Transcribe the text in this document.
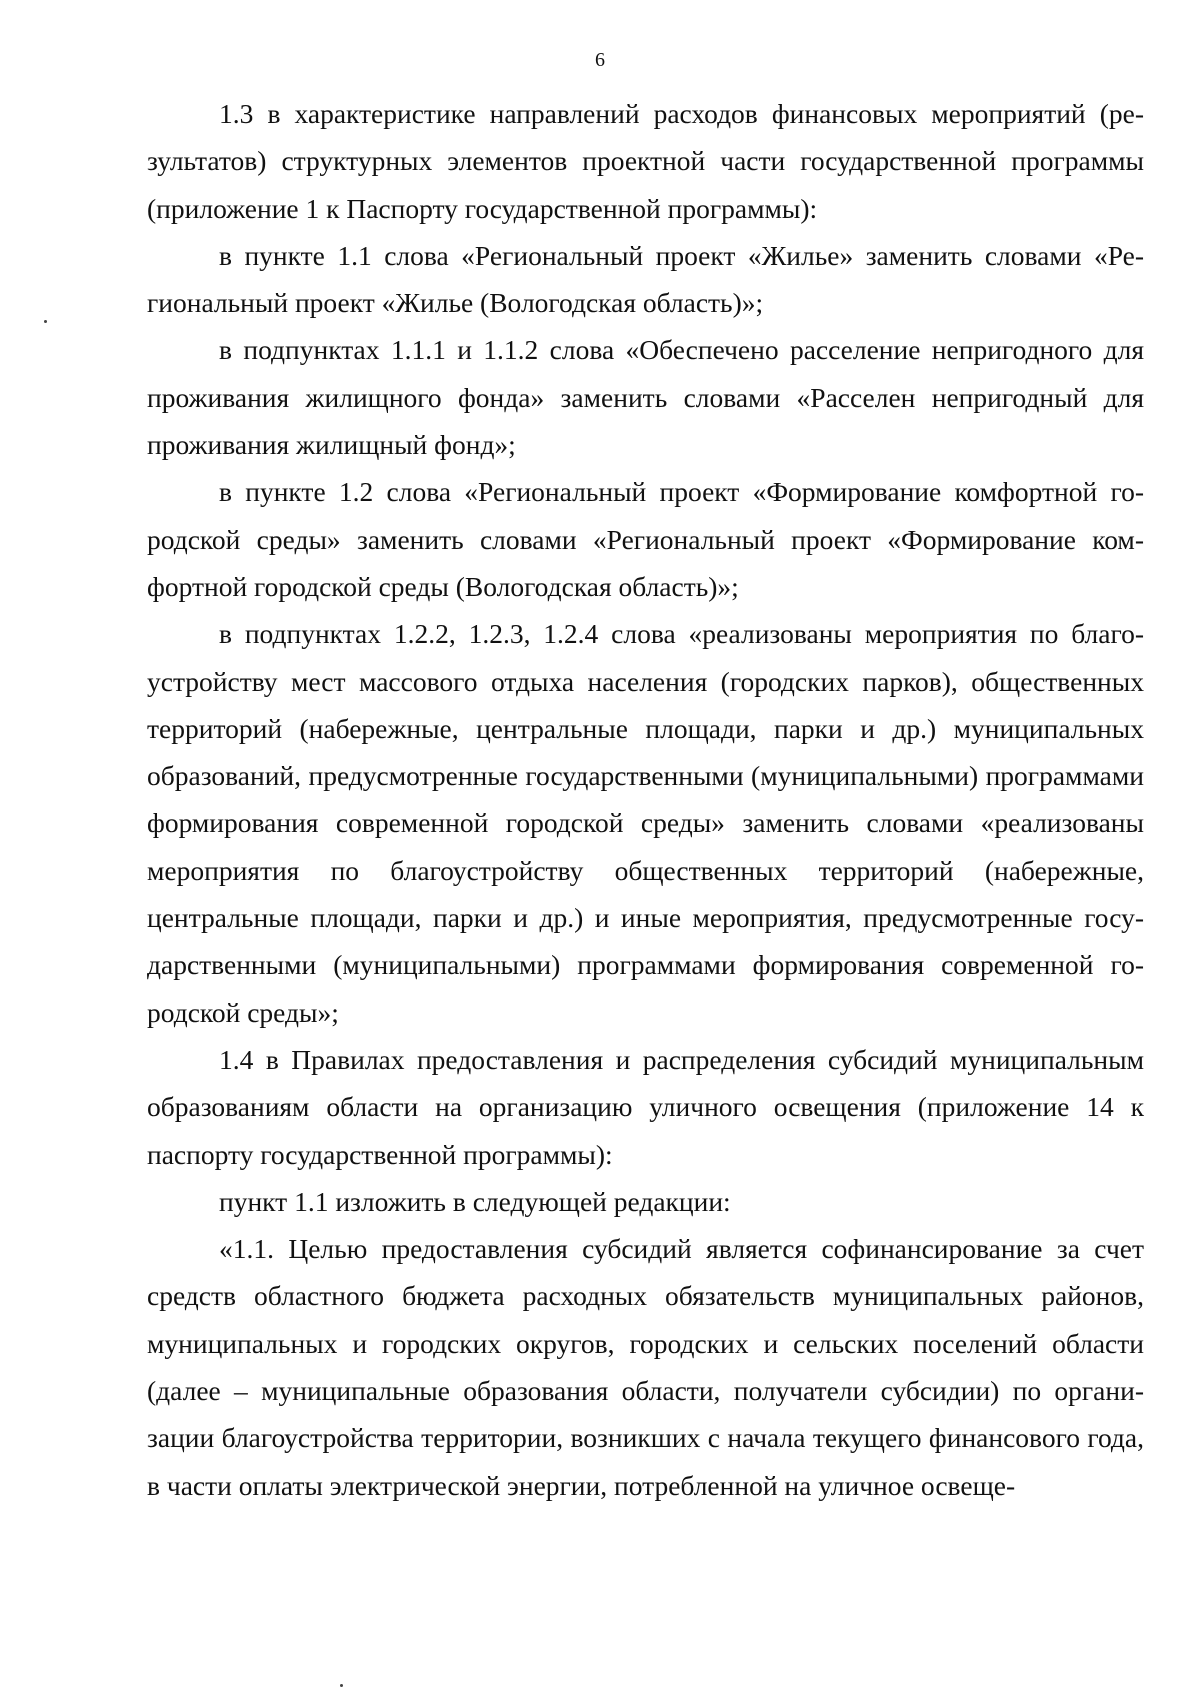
6

1.3 в характеристике направлений расходов финансовых мероприятий (результатов) структурных элементов проектной части государственной программы (приложение 1 к Паспорту государственной программы):

в пункте 1.1 слова «Региональный проект «Жилье» заменить словами «Региональный проект «Жилье (Вологодская область)»;

в подпунктах 1.1.1 и 1.1.2 слова «Обеспечено расселение непригодного для проживания жилищного фонда» заменить словами «Расселен непригодный для проживания жилищный фонд»;

в пункте 1.2 слова «Региональный проект «Формирование комфортной городской среды» заменить словами «Региональный проект «Формирование комфортной городской среды (Вологодская область)»;

в подпунктах 1.2.2, 1.2.3, 1.2.4 слова «реализованы мероприятия по благоустройству мест массового отдыха населения (городских парков), общественных территорий (набережные, центральные площади, парки и др.) муниципальных образований, предусмотренные государственными (муниципальными) программами формирования современной городской среды» заменить словами «реализованы мероприятия по благоустройству общественных территорий (набережные, центральные площади, парки и др.) и иные мероприятия, предусмотренные государственными (муниципальными) программами формирования современной городской среды»;

1.4 в Правилах предоставления и распределения субсидий муниципальным образованиям области на организацию уличного освещения (приложение 14 к паспорту государственной программы):

пункт 1.1 изложить в следующей редакции:

«1.1. Целью предоставления субсидий является софинансирование за счет средств областного бюджета расходных обязательств муниципальных районов, муниципальных и городских округов, городских и сельских поселений области (далее – муниципальные образования области, получатели субсидии) по организации благоустройства территории, возникших с начала текущего финансового года, в части оплаты электрической энергии, потребленной на уличное освеще-
